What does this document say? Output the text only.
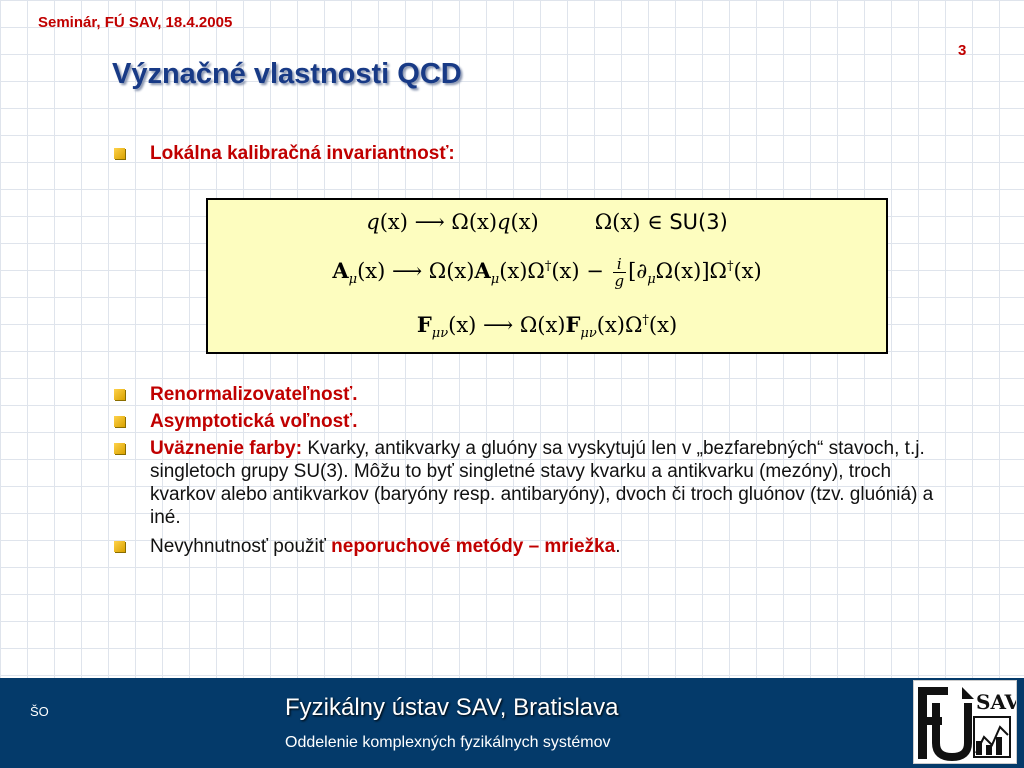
Seminár, FÚ SAV, 18.4.2005
3
Význačné vlastnosti QCD
Lokálna kalibračná invariantnosť:
Renormalizovateľnosť.
Asymptotická voľnosť.
Uväznenie farby: Kvarky, antikvarky a gluóny sa vyskytujú len v „bezfarebných“ stavoch, t.j. singletoch grupy SU(3). Môžu to byť singletné stavy kvarku a antikvarku (mezóny), troch kvarkov alebo antikvarkov (baryóny resp. antibaryóny), dvoch či troch gluónov (tzv. gluóniá) a iné.
Nevyhnutnosť použiť neporuchové metódy – mriežka.
q(x) ⟶ Ω(x)q(x)	Ω(x) ∈ SU(3)
$A_\mu(x)$ ⟶ $\Omega(x)A_\mu(x)\Omega^\dagger(x) - \frac{i}{g} [\partial_\mu\Omega(x)]\Omega^\dagger(x)$
$F_{\mu\nu}(x)$ ⟶ $\Omega(x)F_{\mu\nu}(x)\Omega^\dagger(x)$
ŠO	Fyzikálny ústav SAV, Bratislava
Oddelenie komplexných fyzikálnych systémov
SAV
